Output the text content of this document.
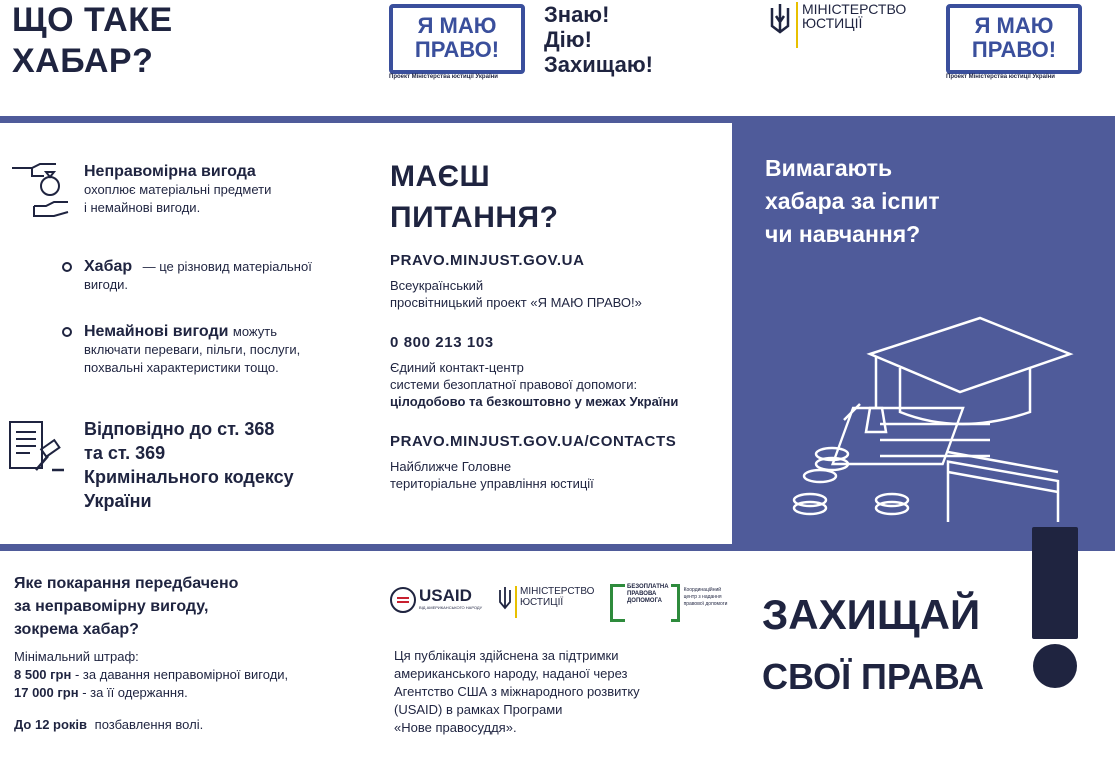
ЩО ТАКЕ
ХАБАР?
Я МАЮ
ПРАВО!
Проект Міністерства юстиції України
Знаю!
Дію!
Захищаю!
МІНІСТЕРСТВО
ЮСТИЦІЇ	Я МАЮ
ПРАВО!
Проект Міністерства юстиції України
Неправомірна вигода
охоплює матеріальні предмети
і немайнові вигоди.
Хабар — це різновид матеріальної
вигоди.
Немайнові вигоди можуть
включати переваги, пільги, послуги,
похвальні характеристики тощо.
Відповідно до ст. 368
та ст. 369
Кримінального кодексу
України
МАЄШ
ПИТАННЯ?
PRAVO.MINJUST.GOV.UA
Всеукраїнський
просвітницький проект «Я МАЮ ПРАВО!»
0 800 213 103
Єдиний контакт-центр
системи безоплатної правової допомоги:
цілодобово та безкоштовно у межах України
PRAVO.MINJUST.GOV.UA/CONTACTS
Найближче Головне
територіальне управління юстиції
Вимагають
хабара за іспит
чи навчання?
Яке покарання передбачено
за неправомірну вигоду,
зокрема хабар?
Мінімальний штраф:
8 500 грн - за давання неправомірної вигоди,
17 000 грн - за її одержання.
До 12 років позбавлення волі.
USAID
ВІД АМЕРИКАНСЬКОГО НАРОДУ
МІНІСТЕРСТВО
ЮСТИЦІЇ
БЕЗОПЛАТНА
ПРАВОВА
ДОПОМОГА
Координаційний
центр з надання
правової допомоги
Ця публікація здійснена за підтримки
американського народу, наданої через
Агентство США з міжнародного розвитку
(USAID) в рамках Програми
«Нове правосуддя».
ЗАХИЩАЙ
СВОЇ ПРАВА
